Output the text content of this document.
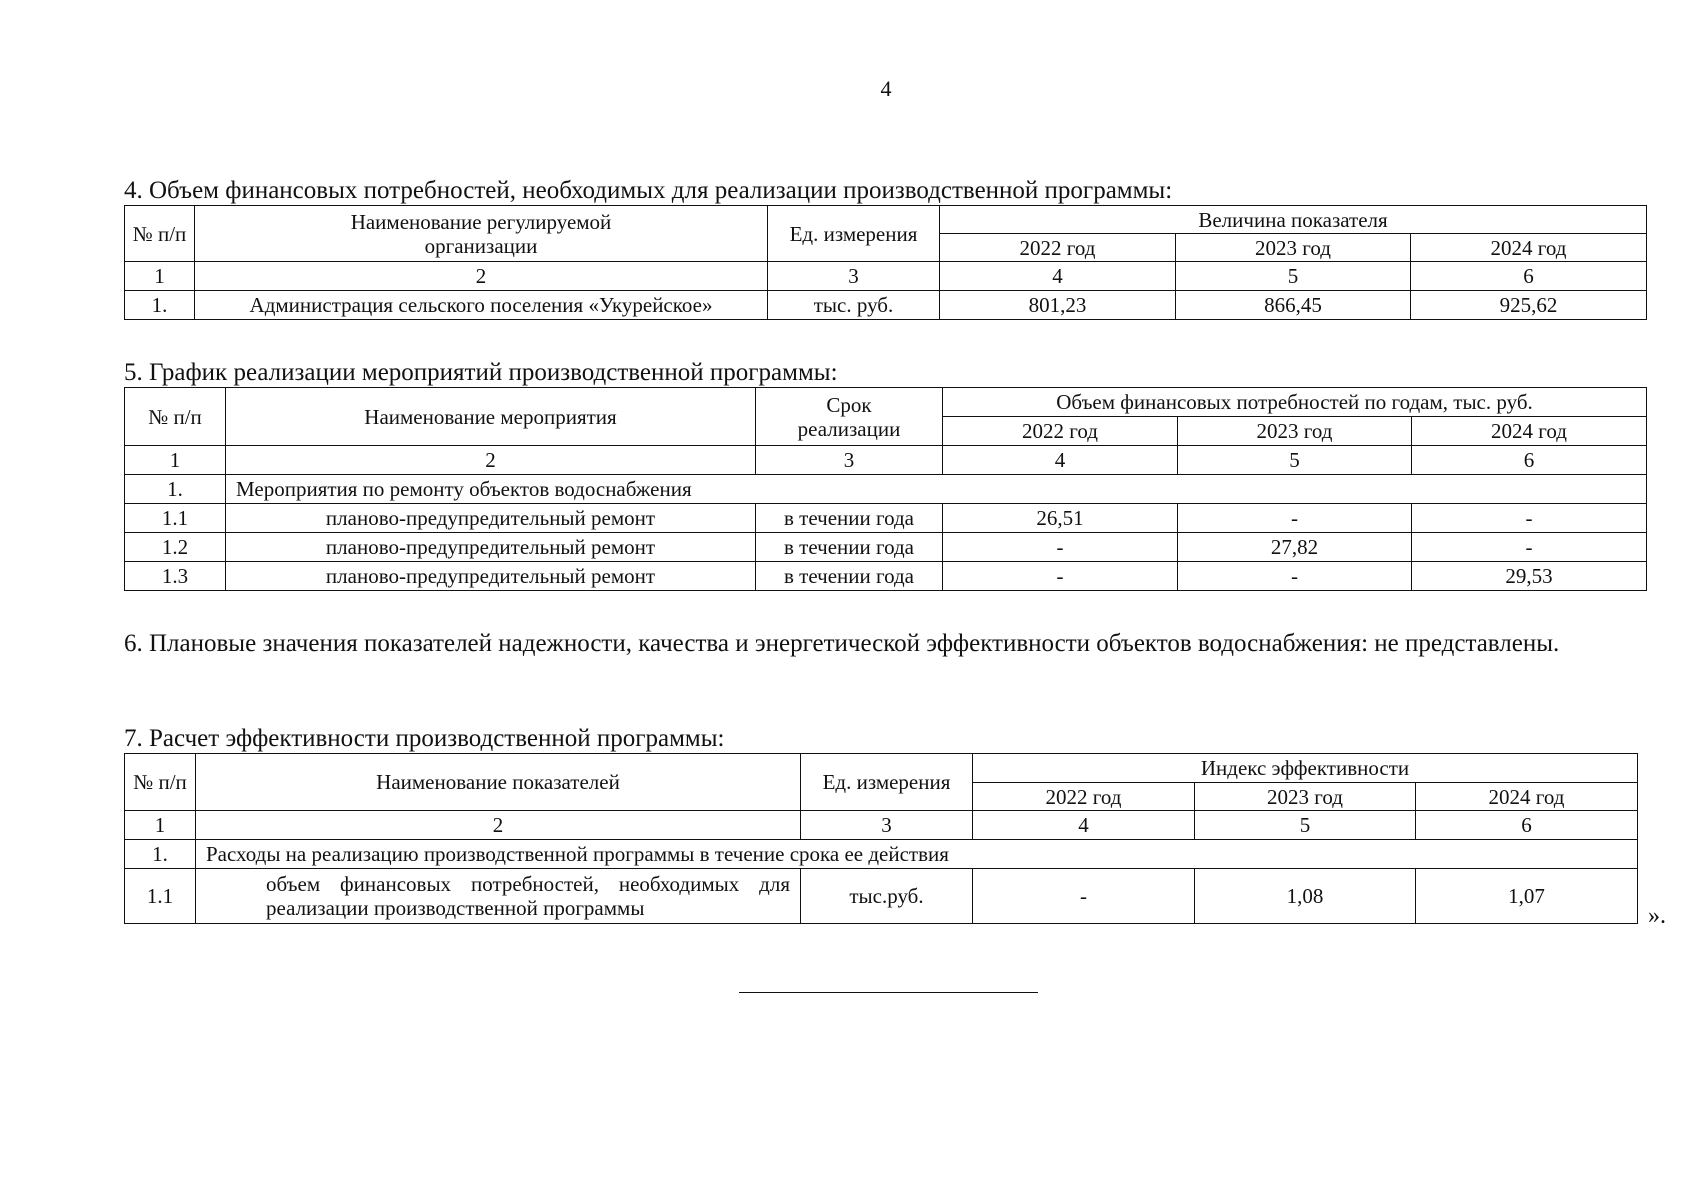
4
4. Объем финансовых потребностей, необходимых для реализации производственной программы:
№ п/п	Наименование регулируемой организации	Ед. измерения	Величина показателя		
			2022 год	2023 год	2024 год
1	2	3	4	5	6
1.	Администрация сельского поселения «Укурейское»	тыс. руб.	801,23	866,45	925,62
5. График реализации мероприятий производственной программы:
№ п/п	Наименование мероприятия	Срок реализации	Объем финансовых потребностей по годам, тыс. руб.		
			2022 год	2023 год	2024 год
1	2	3	4	5	6
1.	Мероприятия по ремонту объектов водоснабжения				
1.1	планово-предупредительный ремонт	в течении года	26,51	-	-
1.2	планово-предупредительный ремонт	в течении года	-	27,82	-
1.3	планово-предупредительный ремонт	в течении года	-	-	29,53
6. Плановые значения показателей надежности, качества и энергетической эффективности объектов водоснабжения: не представлены.
7. Расчет эффективности производственной программы:
№ п/п	Наименование показателей	Ед. измерения	Индекс эффективности		
			2022 год	2023 год	2024 год
1	2	3	4	5	6
1.	Расходы на реализацию производственной программы в течение срока ее действия				
1.1	объем финансовых потребностей, необходимых для реализации производственной программы	тыс.руб.	-	1,08	1,07
».
